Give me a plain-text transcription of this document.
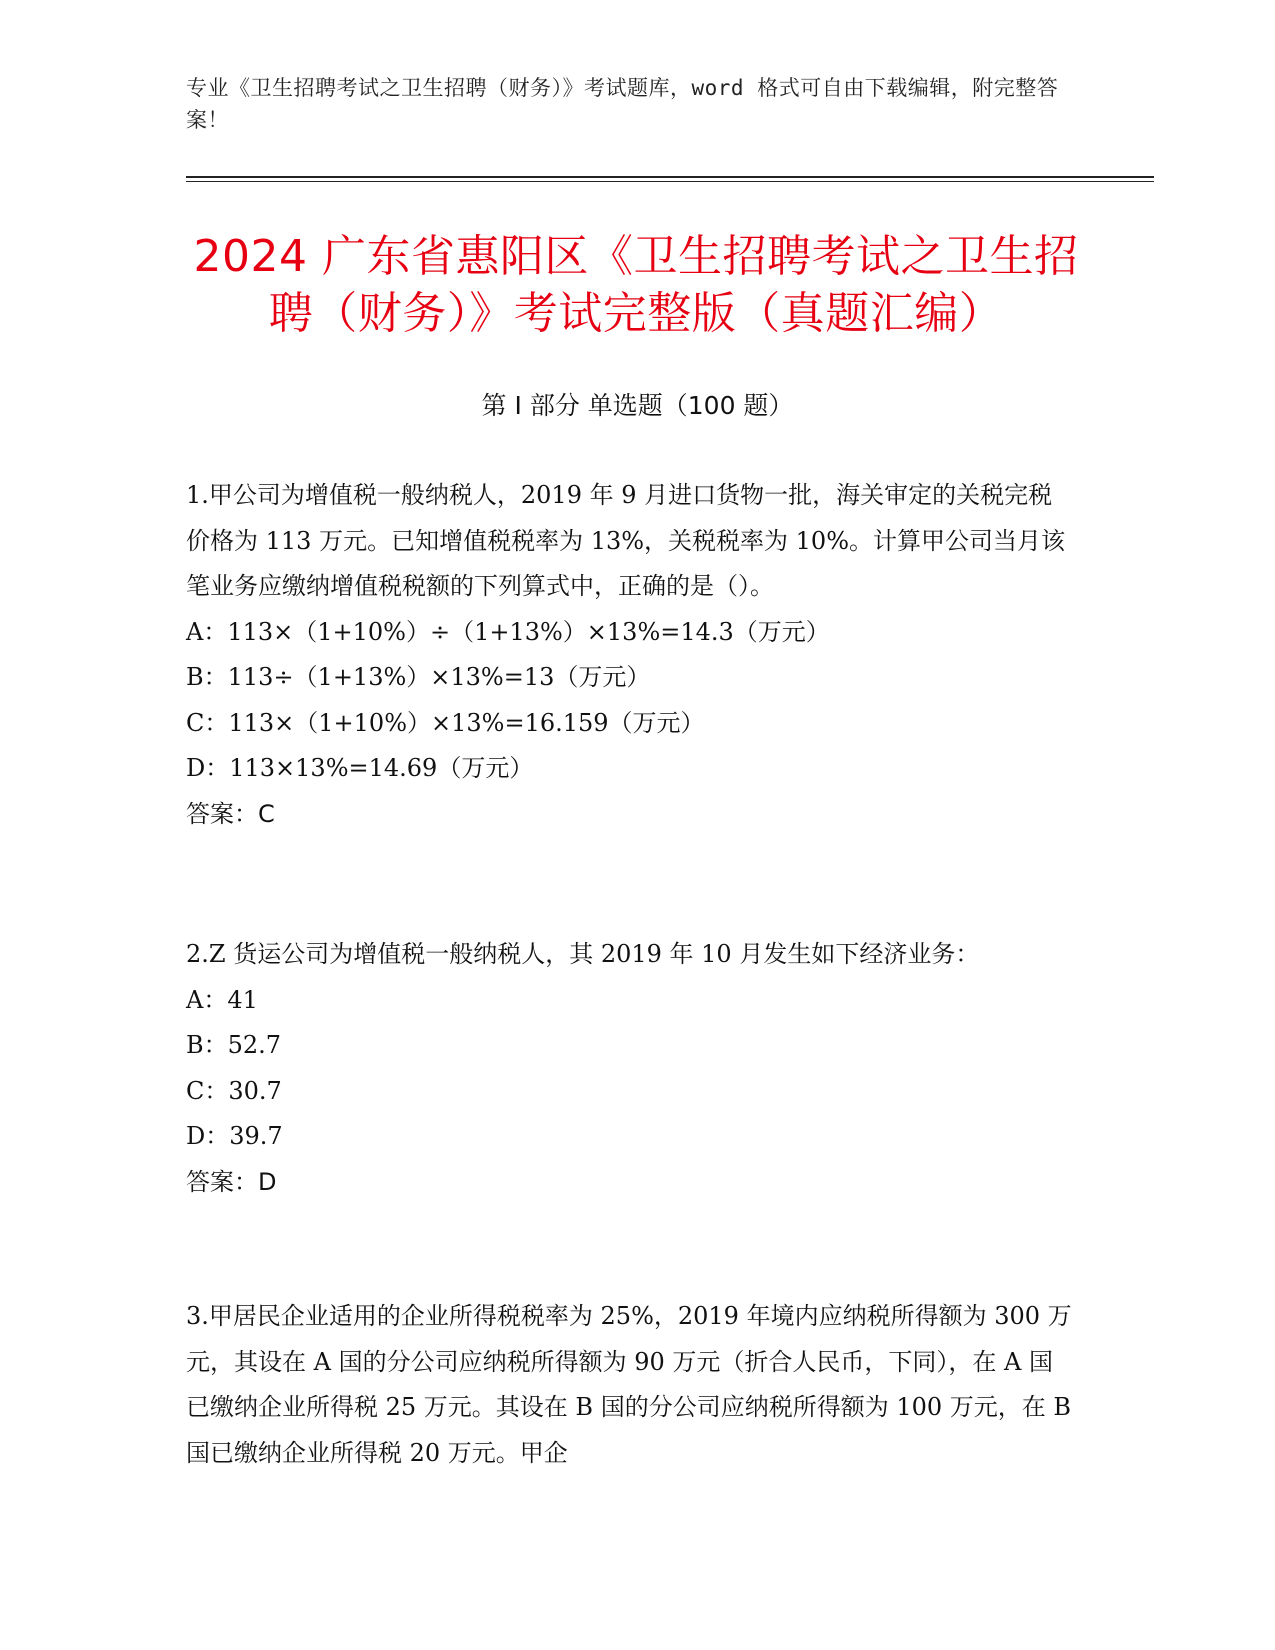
专业《卫生招聘考试之卫生招聘（财务）》考试题库，word 格式可自由下载编辑，附完整答案！
2024 广东省惠阳区《卫生招聘考试之卫生招聘（财务）》考试完整版（真题汇编）
第 I 部分 单选题（100 题）

1.甲公司为增值税一般纳税人，2019 年 9 月进口货物一批，海关审定的关税完税价格为 113 万元。已知增值税税率为 13%，关税税率为 10%。计算甲公司当月该笔业务应缴纳增值税税额的下列算式中，正确的是（）。

A：113×（1+10%）÷（1+13%）×13%=14.3（万元）

B：113÷（1+13%）×13%=13（万元）

C：113×（1+10%）×13%=16.159（万元）

D：113×13%=14.69（万元）

答案：C

2.Z 货运公司为增值税一般纳税人，其 2019 年 10 月发生如下经济业务：

A：41

B：52.7

C：30.7

D：39.7

答案：D

3.甲居民企业适用的企业所得税税率为 25%，2019 年境内应纳税所得额为 300 万元，其设在 A 国的分公司应纳税所得额为 90 万元（折合人民币，下同），在 A 国已缴纳企业所得税 25 万元。其设在 B 国的分公司应纳税所得额为 100 万元，在 B 国已缴纳企业所得税 20 万元。甲企
